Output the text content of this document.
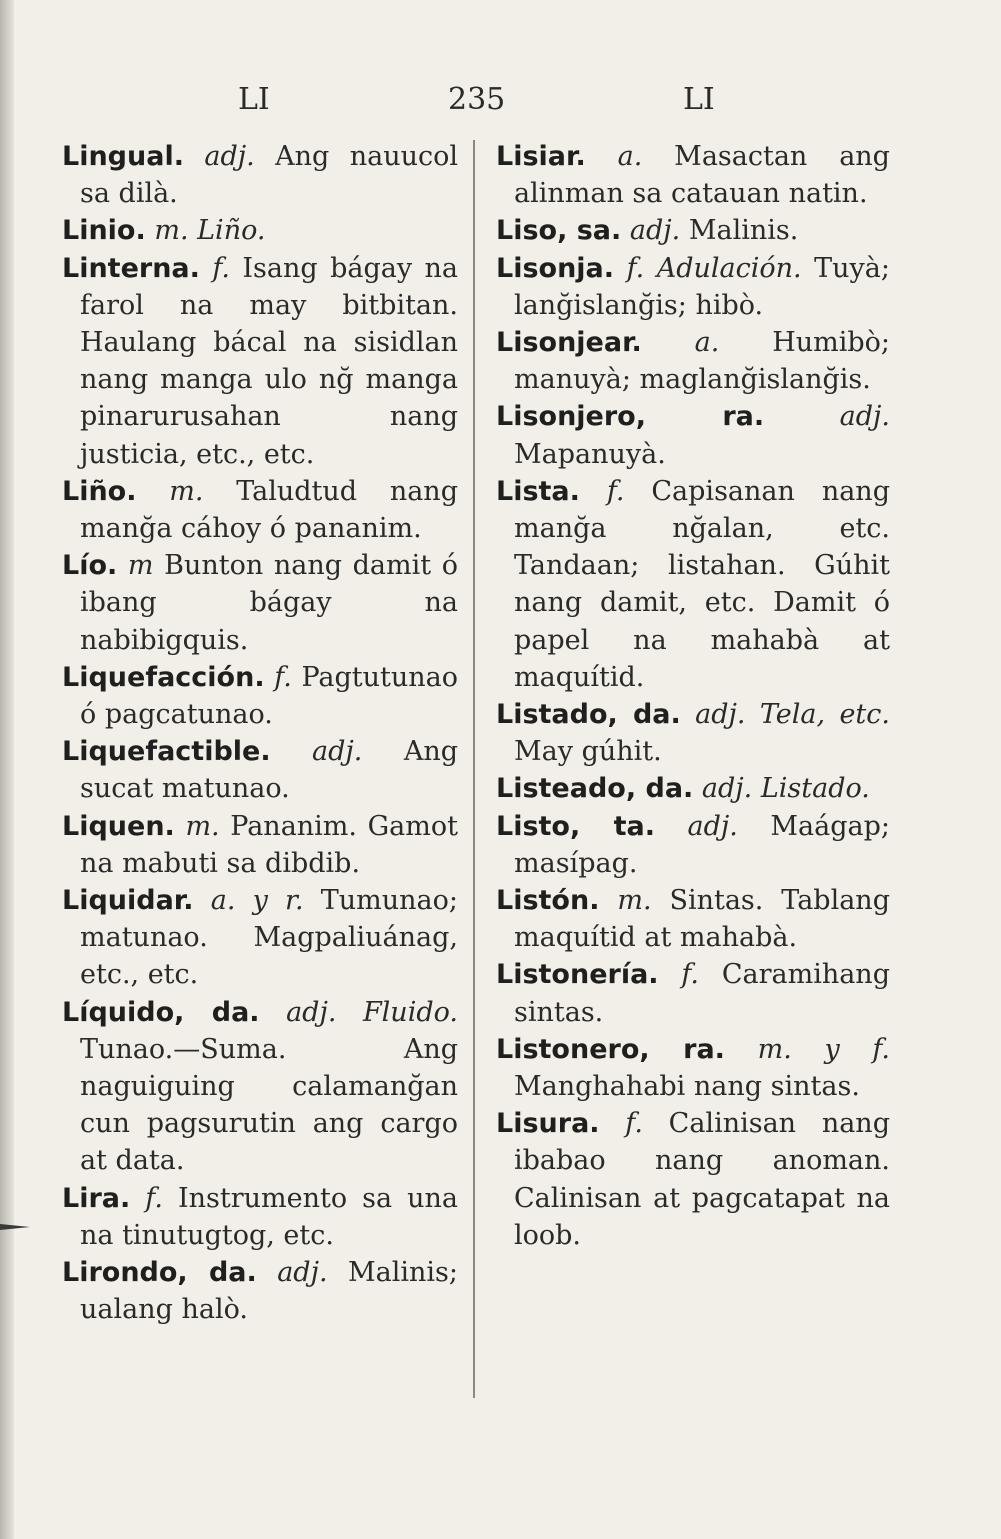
LI	235	LI
Lingual. adj. Ang nauucol sa dilà.
Linio. m. Liño.
Linterna. f. Isang bágay na farol na may bitbitan. Haulang bácal na sisidlan nang manga ulo nğ manga pinarurusahan nang justicia, etc., etc.
Liño. m. Taludtud nang manğa cáhoy ó pananim.
Lío. m Bunton nang damit ó ibang bágay na nabibigquis.
Liquefacción. f. Pagtutunao ó pagcatunao.
Liquefactible. adj. Ang sucat matunao.
Liquen. m. Pananim. Gamot na mabuti sa dibdib.
Liquidar. a. y r. Tumunao; matunao. Magpaliuánag, etc., etc.
Líquido, da. adj. Fluido. Tunao.—Suma. Ang naguiguing calamanğan cun pagsurutin ang cargo at data.
Lira. f. Instrumento sa una na tinutugtog, etc.
Lirondo, da. adj. Malinis; ualang halò.
Lisiar. a. Masactan ang alinman sa catauan natin.
Liso, sa. adj. Malinis.
Lisonja. f. Adulación. Tuyà; lanğislanğis; hibò.
Lisonjear. a. Humibò; manuyà; maglanğislanğis.
Lisonjero, ra.	adj. Mapanuyà.
Lista. f. Capisanan nang manğa nğalan, etc. Tandaan; listahan. Gúhit nang damit, etc. Damit ó papel na mahabà at maquítid.
Listado, da. adj. Tela, etc. May gúhit.
Listeado, da. adj. Listado.
Listo, ta. adj. Maágap; masípag.
Listón. m. Sintas. Tablang maquítid at mahabà.
Listonería. f. Caramihang sintas.
Listonero, ra. m. y f. Manghahabi nang sintas.
Lisura. f. Calinisan nang ibabao nang anoman. Calinisan at pagcatapat na loob.
